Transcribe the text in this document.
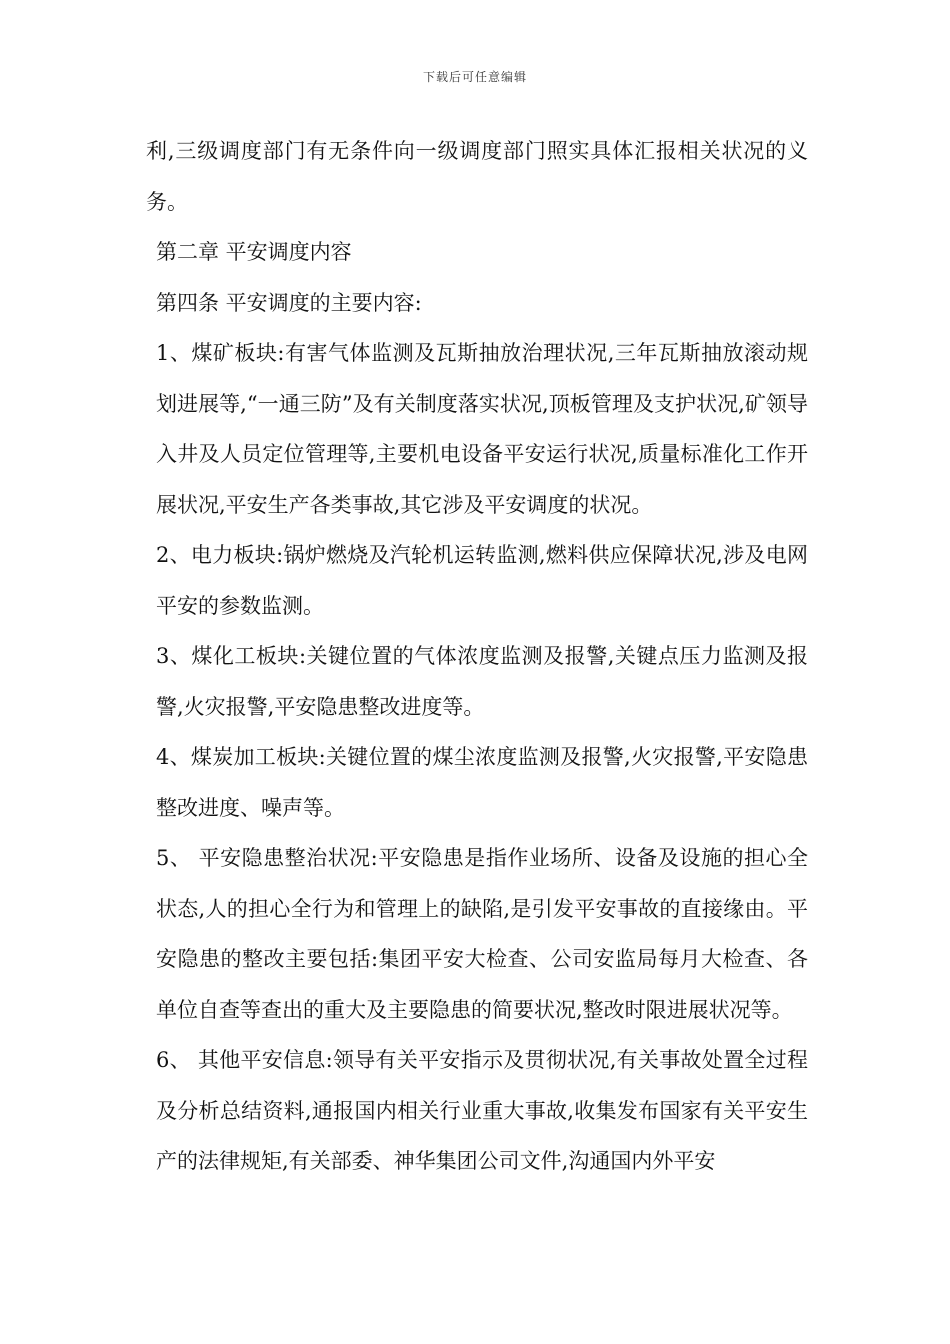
下载后可任意编辑

利,三级调度部门有无条件向一级调度部门照实具体汇报相关状况的义务。

第二章 平安调度内容

第四条 平安调度的主要内容:

1、煤矿板块:有害气体监测及瓦斯抽放治理状况,三年瓦斯抽放滚动规划进展等,“一通三防”及有关制度落实状况,顶板管理及支护状况,矿领导入井及人员定位管理等,主要机电设备平安运行状况,质量标准化工作开展状况,平安生产各类事故,其它涉及平安调度的状况。

2、电力板块:锅炉燃烧及汽轮机运转监测,燃料供应保障状况,涉及电网平安的参数监测。

3、煤化工板块:关键位置的气体浓度监测及报警,关键点压力监测及报警,火灾报警,平安隐患整改进度等。

4、煤炭加工板块:关键位置的煤尘浓度监测及报警,火灾报警,平安隐患整改进度、噪声等。

5、 平安隐患整治状况:平安隐患是指作业场所、设备及设施的担心全状态,人的担心全行为和管理上的缺陷,是引发平安事故的直接缘由。平安隐患的整改主要包括:集团平安大检查、公司安监局每月大检查、各单位自查等查出的重大及主要隐患的简要状况,整改时限进展状况等。

6、 其他平安信息:领导有关平安指示及贯彻状况,有关事故处置全过程及分析总结资料,通报国内相关行业重大事故,收集发布国家有关平安生产的法律规矩,有关部委、神华集团公司文件,沟通国内外平安
